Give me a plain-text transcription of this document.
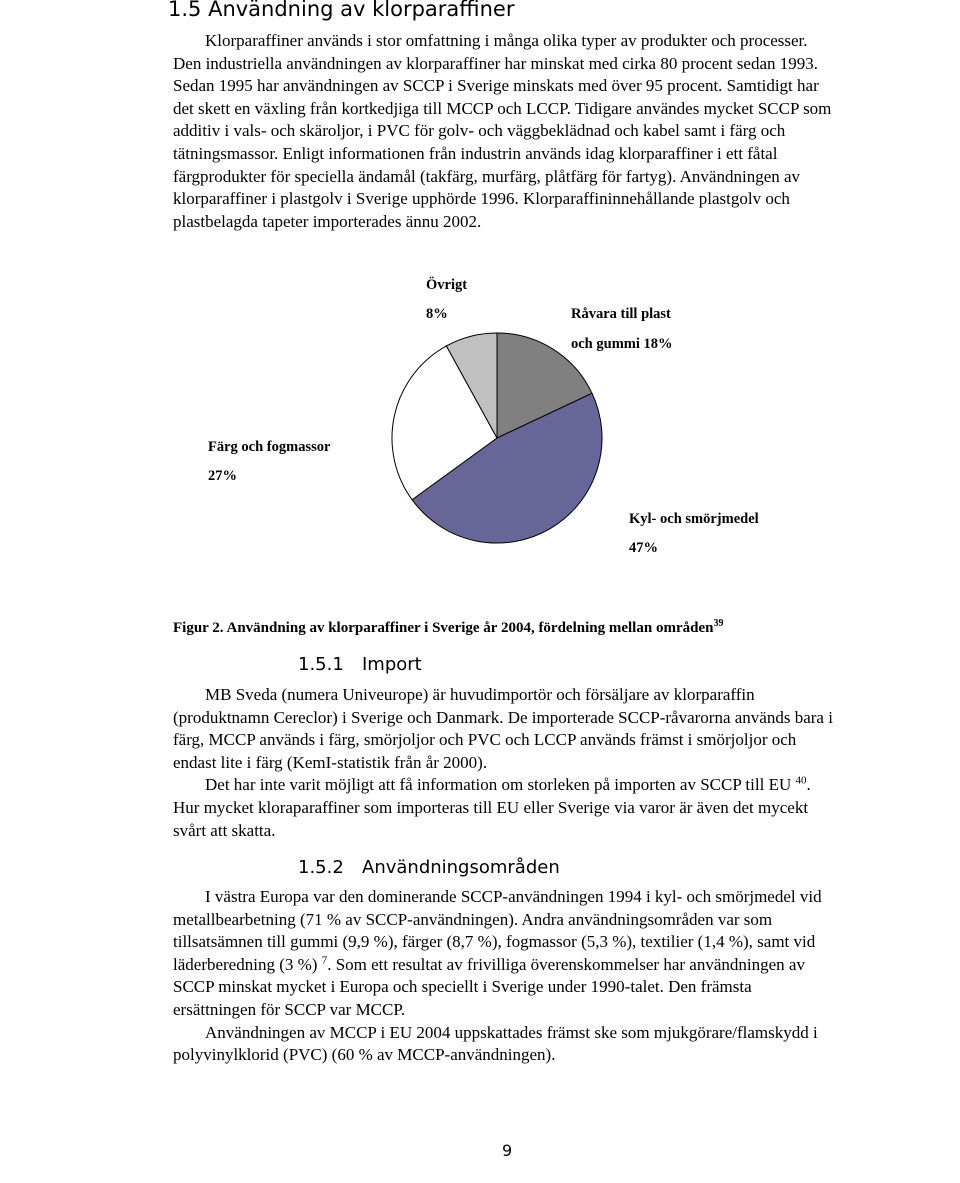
1.5 Användning av klorparaffiner

Klorparaffiner används i stor omfattning i många olika typer av produkter och processer. Den industriella användningen av klorparaffiner har minskat med cirka 80 procent sedan 1993. Sedan 1995 har användningen av SCCP i Sverige minskats med över 95 procent. Samtidigt har det skett en växling från kortkedjiga till MCCP och LCCP. Tidigare användes mycket SCCP som additiv i vals- och skäroljor, i PVC för golv- och väggbeklädnad och kabel samt i färg och tätningsmassor. Enligt informationen från industrin används idag klorparaffiner i ett fåtal färgprodukter för speciella ändamål (takfärg, murfärg, plåtfärg för fartyg). Användningen av klorparaffiner i plastgolv i Sverige upphörde 1996. Klorparaffininnehållande plastgolv och plastbelagda tapeter importerades ännu 2002.

Övrigt
8%	Råvara till plast
och gummi 18%
Färg och fogmassor
27%
Kyl- och smörjmedel
47%
Figur 2. Användning av klorparaffiner i Sverige år 2004, fördelning mellan områden$^{39}$
1.5.1 Import

MB Sveda (numera Univeurope) är huvudimportör och försäljare av klorparaffin (produktnamn Cereclor) i Sverige och Danmark. De importerade SCCP-råvarorna används bara i färg, MCCP används i färg, smörjoljor och PVC och LCCP används främst i smörjoljor och endast lite i färg (KemI-statistik från år 2000).

Det har inte varit möjligt att få information om storleken på importen av SCCP till EU $^{40}$. Hur mycket kloraparaffiner som importeras till EU eller Sverige via varor är även det mycekt svårt att skatta.

1.5.2 Användningsområden

I västra Europa var den dominerande SCCP-användningen 1994 i kyl- och smörjmedel vid metallbearbetning (71 % av SCCP-användningen). Andra användningsområden var som tillsatsämnen till gummi (9,9 %), färger (8,7 %), fogmassor (5,3 %), textilier (1,4 %), samt vid läderberedning (3 %) $^7$. Som ett resultat av frivilliga överenskommelser har användningen av SCCP minskat mycket i Europa och speciellt i Sverige under 1990-talet. Den främsta ersättningen för SCCP var MCCP.

Användningen av MCCP i EU 2004 uppskattades främst ske som mjukgörare/flamskydd i polyvinylklorid (PVC) (60 % av MCCP-användningen).

9
